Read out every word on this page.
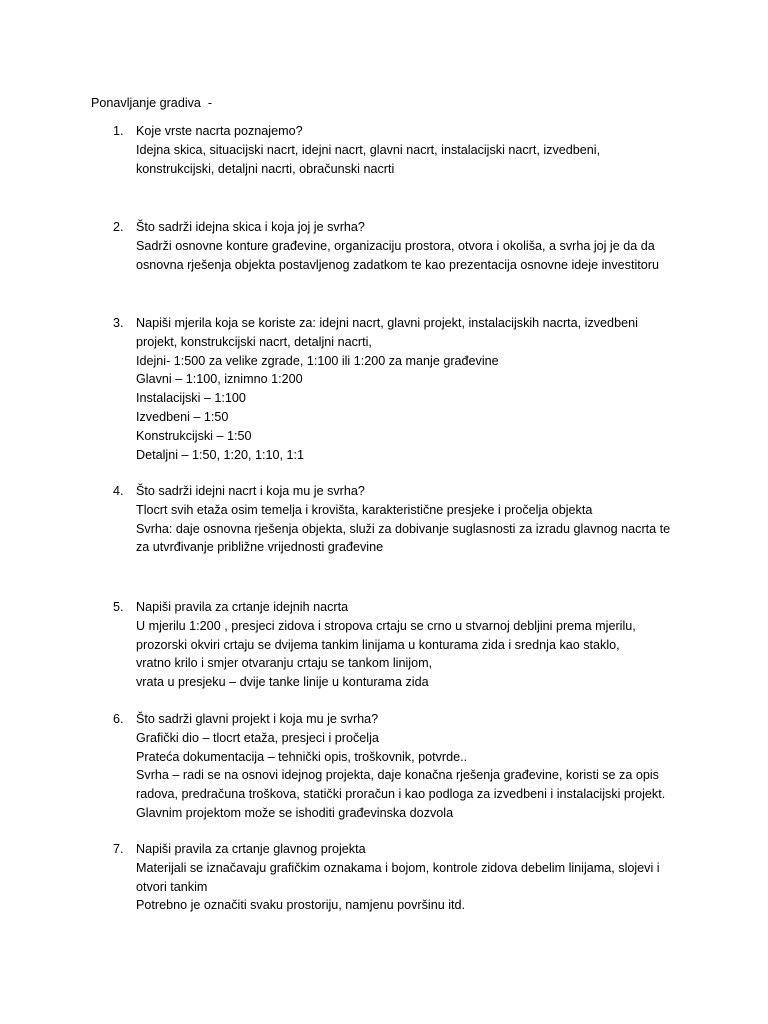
Ponavljanje gradiva  -
1. Koje vrste nacrta poznajemo?
Idejna skica, situacijski nacrt, idejni nacrt, glavni nacrt, instalacijski nacrt, izvedbeni,
konstrukcijski, detaljni nacrti, obračunski nacrti
2. Što sadrži idejna skica i koja joj je svrha?
Sadrži osnovne konture građevine, organizaciju prostora, otvora i okoliša, a svrha joj je da da
osnovna rješenja objekta postavljenog zadatkom te kao prezentacija osnovne ideje investitoru
3. Napiši mjerila koja se koriste za: idejni nacrt, glavni projekt, instalacijskih nacrta, izvedbeni
projekt, konstrukcijski nacrt, detaljni nacrti,
Idejni- 1:500 za velike zgrade, 1:100 ili 1:200 za manje građevine
Glavni – 1:100, iznimno 1:200
Instalacijski – 1:100
Izvedbeni – 1:50
Konstrukcijski – 1:50
Detaljni – 1:50, 1:20, 1:10, 1:1
4. Što sadrži idejni nacrt i koja mu je svrha?
Tlocrt svih etaža osim temelja i krovišta, karakteristične presjeke i pročelja objekta
Svrha: daje osnovna rješenja objekta, služi za dobivanje suglasnosti za izradu glavnog nacrta te
za utvrđivanje približne vrijednosti građevine
5. Napiši pravila za crtanje idejnih nacrta
U mjerilu 1:200 , presjeci zidova i stropova crtaju se crno u stvarnoj debljini prema mjerilu,
prozorski okviri crtaju se dvijema tankim linijama u konturama zida i srednja kao staklo,
vratno krilo i smjer otvaranju crtaju se tankom linijom,
vrata u presjeku – dvije tanke linije u konturama zida
6. Što sadrži glavni projekt i koja mu je svrha?
Grafički dio – tlocrt etaža, presjeci i pročelja
Prateća dokumentacija – tehnički opis, troškovnik, potvrde..
Svrha – radi se na osnovi idejnog projekta, daje konačna rješenja građevine, koristi se za opis
radova, predračuna troškova, statički proračun i kao podloga za izvedbeni i instalacijski projekt.
Glavnim projektom može se ishoditi građevinska dozvola
7. Napiši pravila za crtanje glavnog projekta
Materijali se iznačavaju grafičkim oznakama i bojom, kontrole zidova debelim linijama, slojevi i
otvori tankim
Potrebno je označiti svaku prostoriju, namjenu površinu itd.
